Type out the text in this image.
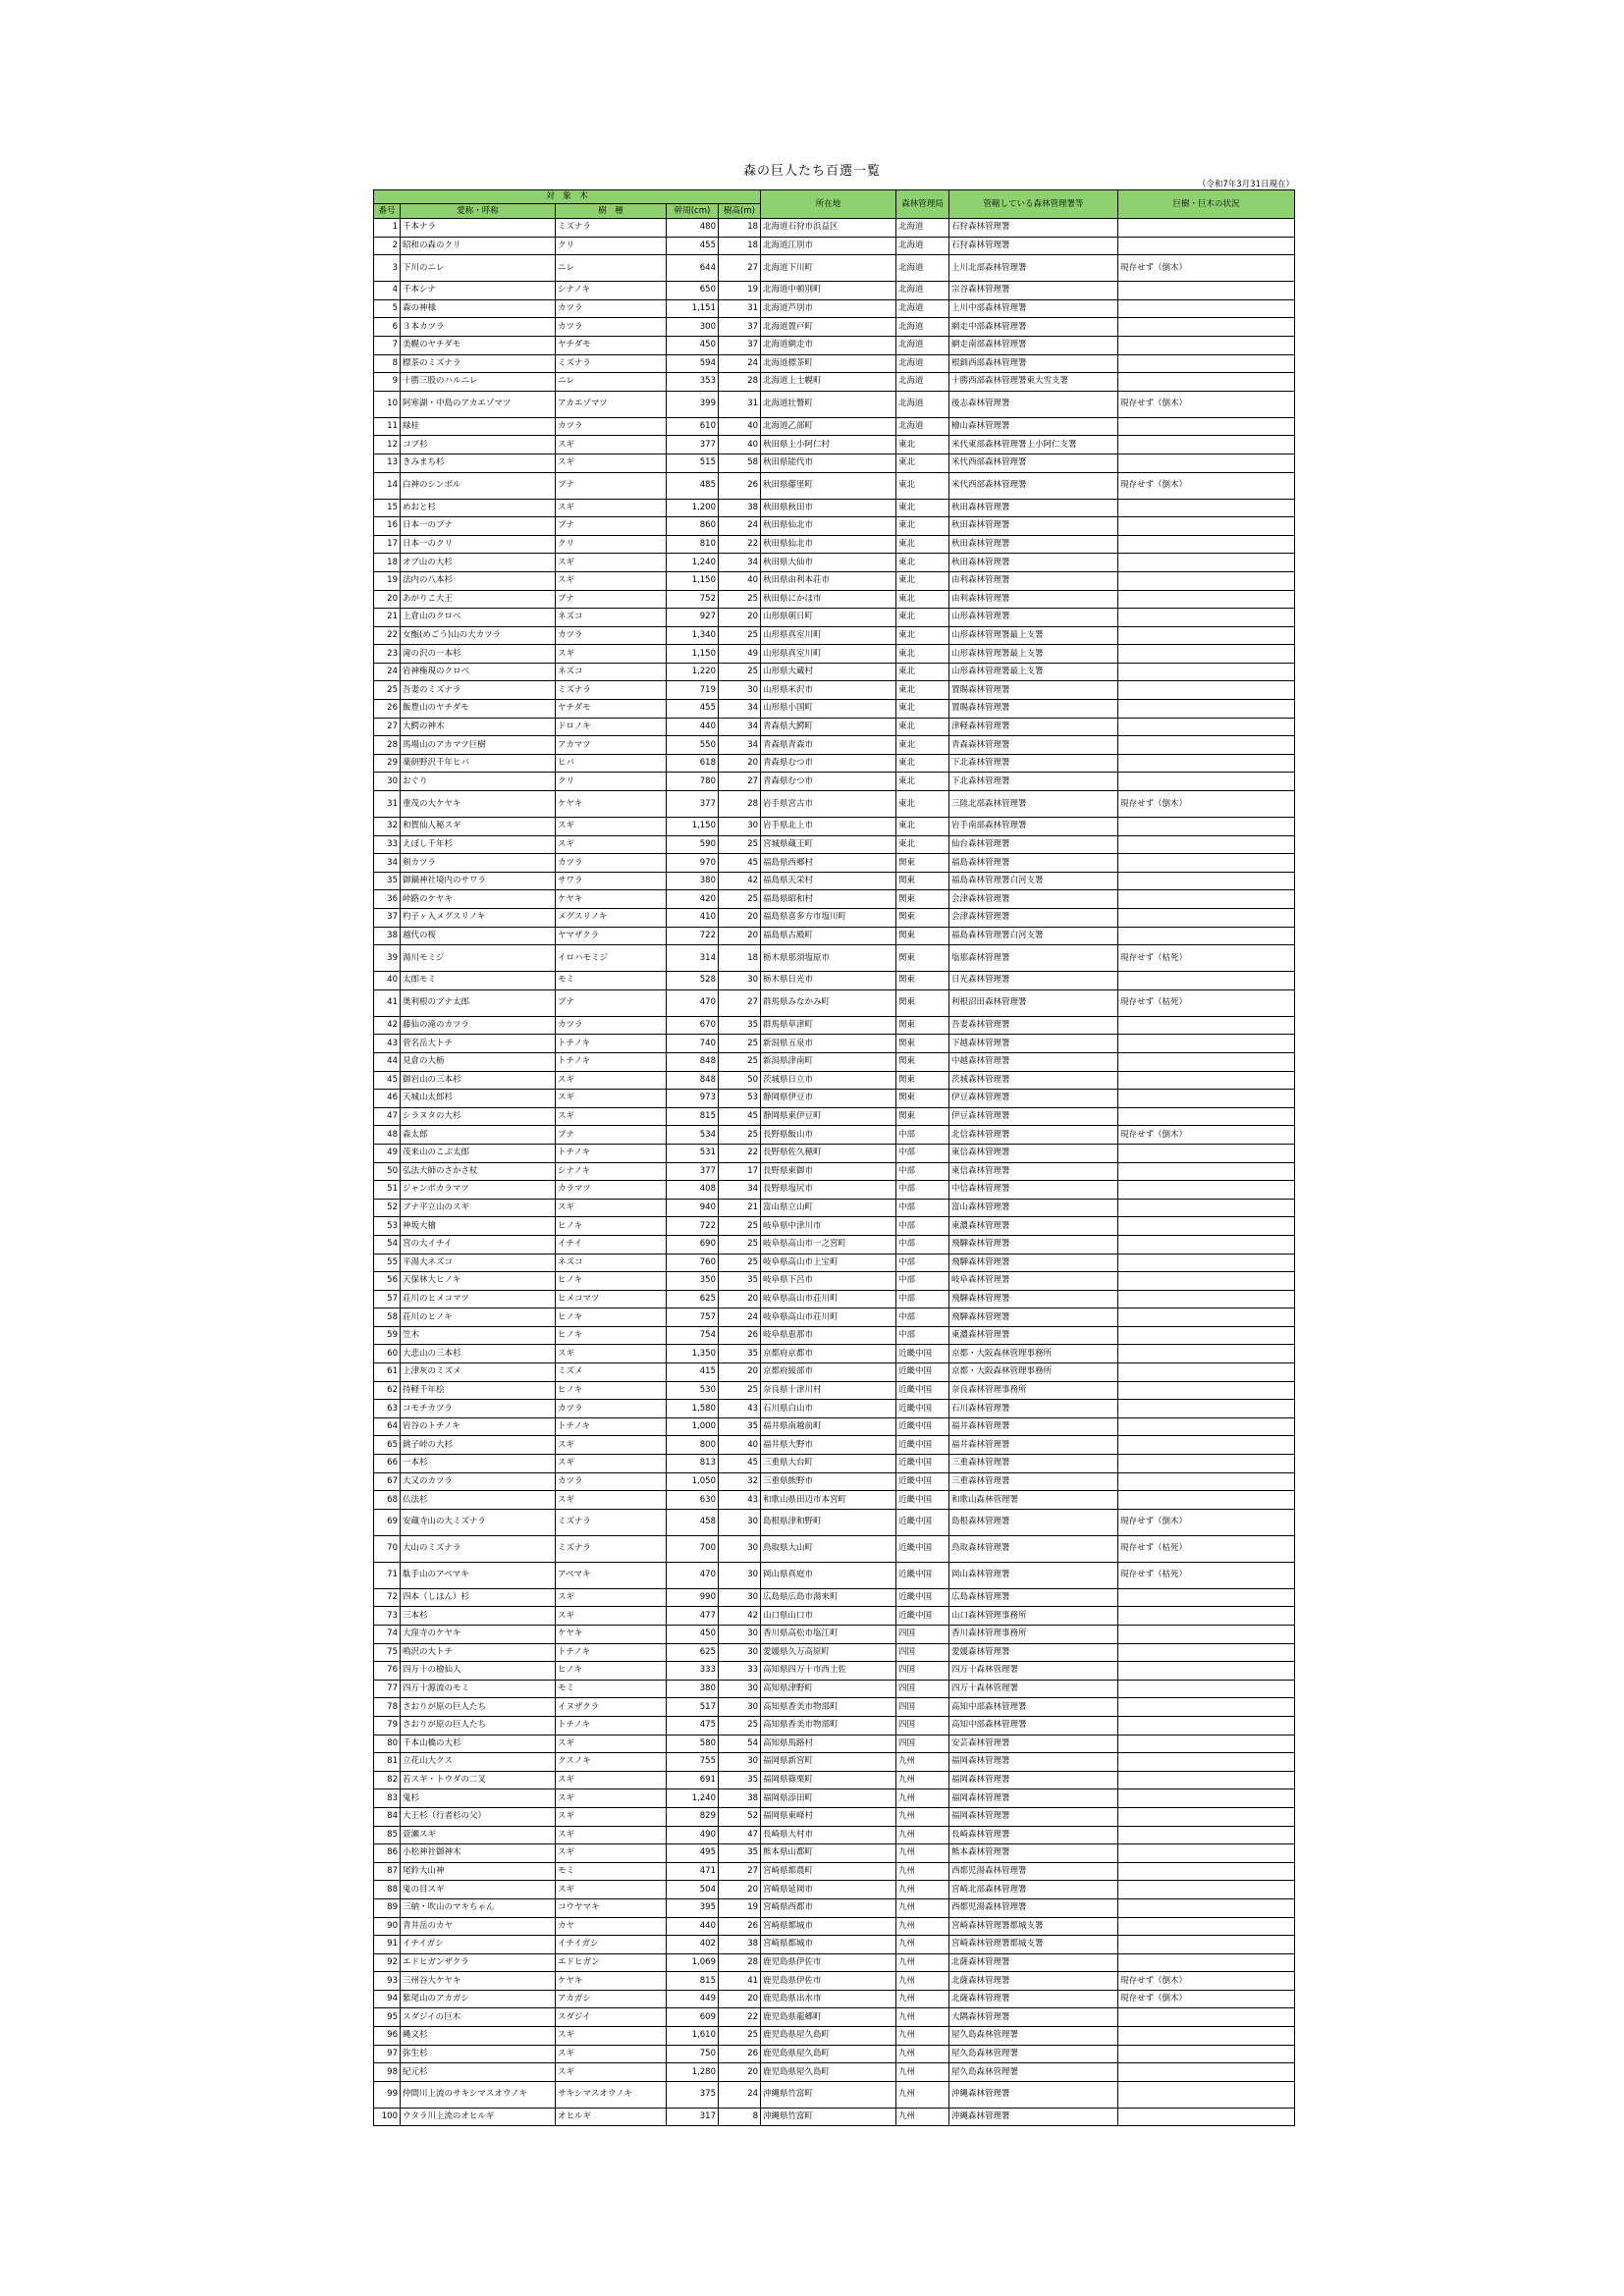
森の巨人たち百選一覧
（令和7年3月31日現在）
対　象　木					所在地	森林管理局	管轄している森林管理署等	巨樹・巨木の状況
番号	愛称・呼称	樹　種	幹周(cm)	樹高(m)				
1	千本ナラ	ミズナラ	480	18	北海道石狩市浜益区	北海道	石狩森林管理署	
2	昭和の森のクリ	クリ	455	18	北海道江別市	北海道	石狩森林管理署	
3	下川のニレ	ニレ	644	27	北海道下川町	北海道	上川北部森林管理署	現存せず（倒木）
4	千本シナ	シナノキ	650	19	北海道中頓別町	北海道	宗谷森林管理署	
5	森の神様	カツラ	1,151	31	北海道芦別市	北海道	上川中部森林管理署	
6	３本カツラ	カツラ	300	37	北海道置戸町	北海道	網走中部森林管理署	
7	美幌のヤチダモ	ヤチダモ	450	37	北海道網走市	北海道	網走南部森林管理署	
8	標茶のミズナラ	ミズナラ	594	24	北海道標茶町	北海道	根釧西部森林管理署	
9	十勝三股のハルニレ	ニレ	353	28	北海道上士幌町	北海道	十勝西部森林管理署東大雪支署	
10	阿寒湖・中島のアカエゾマツ	アカエゾマツ	399	31	北海道壮瞥町	北海道	後志森林管理署	現存せず（倒木）
11	緑桂	カツラ	610	40	北海道乙部町	北海道	檜山森林管理署	
12	コブ杉	スギ	377	40	秋田県上小阿仁村	東北	米代東部森林管理署上小阿仁支署	
13	きみまち杉	スギ	515	58	秋田県能代市	東北	米代西部森林管理署	
14	白神のシンボル	ブナ	485	26	秋田県藤里町	東北	米代西部森林管理署	現存せず（倒木）
15	めおと杉	スギ	1,200	38	秋田県秋田市	東北	秋田森林管理署	
16	日本一のブナ	ブナ	860	24	秋田県仙北市	東北	秋田森林管理署	
17	日本一のクリ	クリ	810	22	秋田県仙北市	東北	秋田森林管理署	
18	オブ山の大杉	スギ	1,240	34	秋田県大仙市	東北	秋田森林管理署	
19	法内の八本杉	スギ	1,150	40	秋田県由利本荘市	東北	由利森林管理署	
20	あがりこ大王	ブナ	752	25	秋田県にかほ市	東北	由利森林管理署	
21	上倉山のクロベ	ネズコ	927	20	山形県朝日町	東北	山形森林管理署	
22	女甑(めごう)山の大カツラ	カツラ	1,340	25	山形県真室川町	東北	山形森林管理署最上支署	
23	滝の沢の一本杉	スギ	1,150	49	山形県真室川町	東北	山形森林管理署最上支署	
24	岩神権現のクロベ	ネズコ	1,220	25	山形県大蔵村	東北	山形森林管理署最上支署	
25	吾妻のミズナラ	ミズナラ	719	30	山形県米沢市	東北	置賜森林管理署	
26	飯豊山のヤチダモ	ヤチダモ	455	34	山形県小国町	東北	置賜森林管理署	
27	大鰐の神木	ドロノキ	440	34	青森県大鰐町	東北	津軽森林管理署	
28	馬場山のアカマツ巨樹	アカマツ	550	34	青森県青森市	東北	青森森林管理署	
29	薬研野沢千年ヒバ	ヒバ	618	20	青森県むつ市	東北	下北森林管理署	
30	おぐり	クリ	780	27	青森県むつ市	東北	下北森林管理署	
31	重茂の大ケヤキ	ケヤキ	377	28	岩手県宮古市	東北	三陸北部森林管理署	現存せず（倒木）
32	和賀仙人秘スギ	スギ	1,150	30	岩手県北上市	東北	岩手南部森林管理署	
33	えぼし千年杉	スギ	590	25	宮城県蔵王町	東北	仙台森林管理署	
34	剣カツラ	カツラ	970	45	福島県西郷村	関東	福島森林管理署	
35	御鍋神社境内のサワラ	サワラ	380	42	福島県天栄村	関東	福島森林管理署白河支署	
36	峠路のケヤキ	ケヤキ	420	25	福島県昭和村	関東	会津森林管理署	
37	杓子ヶ入メグスリノキ	メグスリノキ	410	20	福島県喜多方市塩川町	関東	会津森林管理署	
38	越代の桜	ヤマザクラ	722	20	福島県古殿町	関東	福島森林管理署白河支署	
39	湯川モミジ	イロハモミジ	314	18	栃木県那須塩原市	関東	塩那森林管理署	現存せず（枯死）
40	太郎モミ	モミ	528	30	栃木県日光市	関東	日光森林管理署	
41	奥利根のブナ太郎	ブナ	470	27	群馬県みなかみ町	関東	利根沼田森林管理署	現存せず（枯死）
42	藤仙の滝のカツラ	カツラ	670	35	群馬県草津町	関東	吾妻森林管理署	
43	菅名岳大トチ	トチノキ	740	25	新潟県五泉市	関東	下越森林管理署	
44	見倉の大栃	トチノキ	848	25	新潟県津南町	関東	中越森林管理署	
45	御岩山の三本杉	スギ	848	50	茨城県日立市	関東	茨城森林管理署	
46	天城山太郎杉	スギ	973	53	静岡県伊豆市	関東	伊豆森林管理署	
47	シラヌタの大杉	スギ	815	45	静岡県東伊豆町	関東	伊豆森林管理署	
48	森太郎	ブナ	534	25	長野県飯山市	中部	北信森林管理署	現存せず（倒木）
49	茂来山のこぶ太郎	トチノキ	531	22	長野県佐久穂町	中部	東信森林管理署	
50	弘法大師のさかさ杖	シナノキ	377	17	長野県東御市	中部	東信森林管理署	
51	ジャンボカラマツ	カラマツ	408	34	長野県塩尻市	中部	中信森林管理署	
52	ブナ平立山のスギ	スギ	940	21	富山県立山町	中部	富山森林管理署	
53	神坂大檜	ヒノキ	722	25	岐阜県中津川市	中部	東濃森林管理署	
54	宮の大イチイ	イチイ	690	25	岐阜県高山市一之宮町	中部	飛騨森林管理署	
55	平湯大ネズコ	ネズコ	760	25	岐阜県高山市上宝町	中部	飛騨森林管理署	
56	天保林大ヒノキ	ヒノキ	350	35	岐阜県下呂市	中部	岐阜森林管理署	
57	荘川のヒメコマツ	ヒメコマツ	625	20	岐阜県高山市荘川町	中部	飛騨森林管理署	
58	荘川のヒノキ	ヒノキ	757	24	岐阜県高山市荘川町	中部	飛騨森林管理署	
59	笠木	ヒノキ	754	26	岐阜県恵那市	中部	東濃森林管理署	
60	大悲山の三本杉	スギ	1,350	35	京都府京都市	近畿中国	京都・大阪森林管理事務所	
61	上津灰のミズメ	ミズメ	415	20	京都府綾部市	近畿中国	京都・大阪森林管理事務所	
62	持軽千年桧	ヒノキ	530	25	奈良県十津川村	近畿中国	奈良森林管理事務所	
63	コモチカツラ	カツラ	1,580	43	石川県白山市	近畿中国	石川森林管理署	
64	岩谷のトチノキ	トチノキ	1,000	35	福井県南越前町	近畿中国	福井森林管理署	
65	銚子峠の大杉	スギ	800	40	福井県大野市	近畿中国	福井森林管理署	
66	一本杉	スギ	813	45	三重県大台町	近畿中国	三重森林管理署	
67	大又のカツラ	カツラ	1,050	32	三重県熊野市	近畿中国	三重森林管理署	
68	仏法杉	スギ	630	43	和歌山県田辺市本宮町	近畿中国	和歌山森林管理署	
69	安蔵寺山の大ミズナラ	ミズナラ	458	30	島根県津和野町	近畿中国	島根森林管理署	現存せず（倒木）
70	大山のミズナラ	ミズナラ	700	30	鳥取県大山町	近畿中国	鳥取森林管理署	現存せず（枯死）
71	駄手山のアベマキ	アベマキ	470	30	岡山県真庭市	近畿中国	岡山森林管理署	現存せず（枯死）
72	四本（しほん）杉	スギ	990	30	広島県広島市湯来町	近畿中国	広島森林管理署	
73	三本杉	スギ	477	42	山口県山口市	近畿中国	山口森林管理事務所	
74	大窪寺のケヤキ	ケヤキ	450	30	香川県高松市塩江町	四国	香川森林管理事務所	
75	鳴沢の大トチ	トチノキ	625	30	愛媛県久万高原町	四国	愛媛森林管理署	
76	四万十の檜仙人	ヒノキ	333	33	高知県四万十市西土佐	四国	四万十森林管理署	
77	四万十源流のモミ	モミ	380	30	高知県津野町	四国	四万十森林管理署	
78	さおりが原の巨人たち	イヌザクラ	517	30	高知県香美市物部町	四国	高知中部森林管理署	
79	さおりが原の巨人たち	トチノキ	475	25	高知県香美市物部町	四国	高知中部森林管理署	
80	千本山橋の大杉	スギ	580	54	高知県馬路村	四国	安芸森林管理署	
81	立花山大クス	クスノキ	755	30	福岡県新宮町	九州	福岡森林管理署	
82	若スギ・トウダの二叉	スギ	691	35	福岡県篠栗町	九州	福岡森林管理署	
83	鬼杉	スギ	1,240	38	福岡県添田町	九州	福岡森林管理署	
84	大王杉（行者杉の父）	スギ	829	52	福岡県東峰村	九州	福岡森林管理署	
85	萱瀬スギ	スギ	490	47	長崎県大村市	九州	長崎森林管理署	
86	小松神社御神木	スギ	495	35	熊本県山都町	九州	熊本森林管理署	
87	尾鈴大山神	モミ	471	27	宮崎県都農町	九州	西都児湯森林管理署	
88	鬼の目スギ	スギ	504	20	宮崎県延岡市	九州	宮崎北部森林管理署	
89	三納・吹山のマキちゃん	コウヤマキ	395	19	宮崎県西都市	九州	西都児湯森林管理署	
90	青井岳のカヤ	カヤ	440	26	宮崎県都城市	九州	宮崎森林管理署都城支署	
91	イチイガシ	イチイガシ	402	38	宮崎県都城市	九州	宮崎森林管理署都城支署	
92	エドヒガンザクラ	エドヒガン	1,069	28	鹿児島県伊佐市	九州	北薩森林管理署	
93	三州谷大ケヤキ	ケヤキ	815	41	鹿児島県伊佐市	九州	北薩森林管理署	現存せず（倒木）
94	紫尾山のアカガシ	アカガシ	449	20	鹿児島県出水市	九州	北薩森林管理署	現存せず（倒木）
95	スダジイの巨木	スダジイ	609	22	鹿児島県龍郷町	九州	大隅森林管理署	
96	縄文杉	スギ	1,610	25	鹿児島県屋久島町	九州	屋久島森林管理署	
97	弥生杉	スギ	750	26	鹿児島県屋久島町	九州	屋久島森林管理署	
98	紀元杉	スギ	1,280	20	鹿児島県屋久島町	九州	屋久島森林管理署	
99	仲間川上流のサキシマスオウノキ	サキシマスオウノキ	375	24	沖縄県竹富町	九州	沖縄森林管理署	
100	ウタラ川上流のオヒルギ	オヒルギ	317	8	沖縄県竹富町	九州	沖縄森林管理署	
